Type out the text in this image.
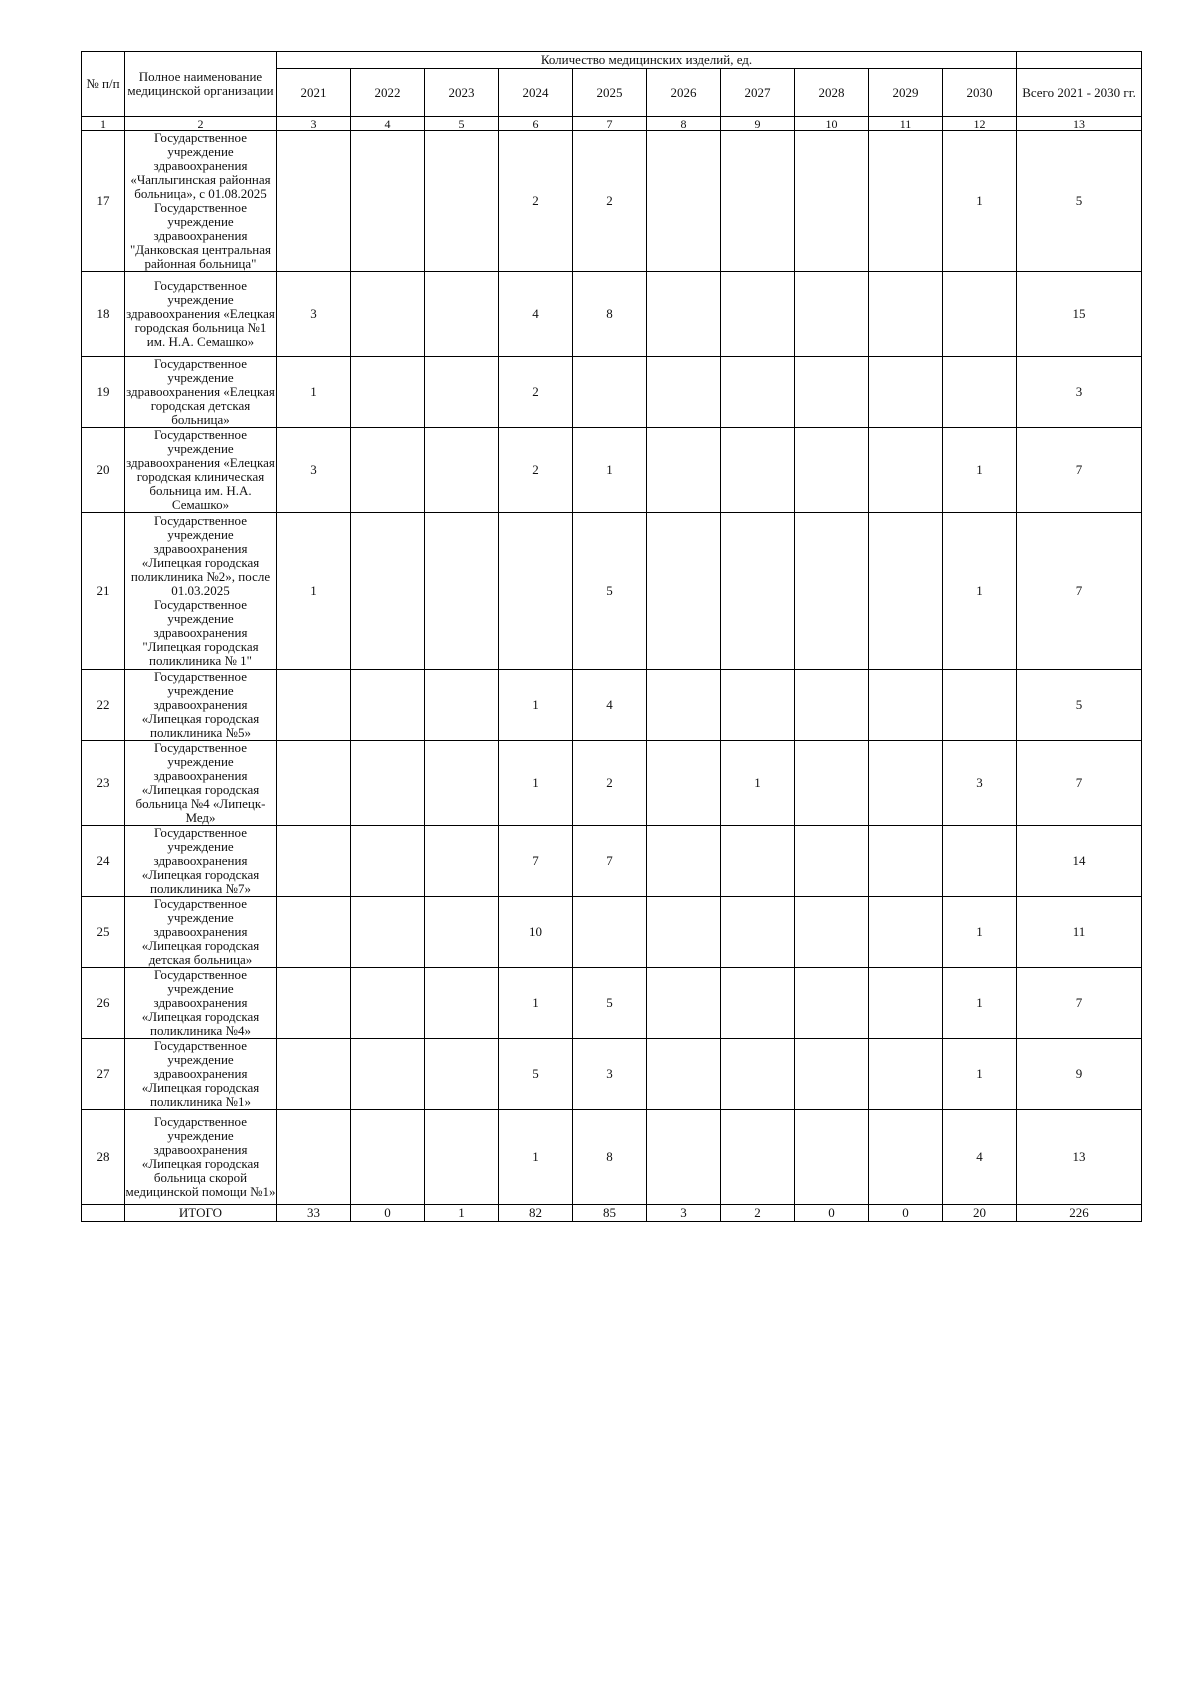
№ п/п	Полное наименование медицинской организации	Количество медицинских изделий, ед.										
		2021	2022	2023	2024	2025	2026	2027	2028	2029	2030	Всего 2021 - 2030 гг.
1	2	3	4	5	6	7	8	9	10	11	12	13
17	Государственное учреждение здравоохранения «Чаплыгинская районная больница», с 01.08.2025 Государственное учреждение здравоохранения "Данковская центральная районная больница"				2	2					1	5
18	Государственное учреждение здравоохранения «Елецкая городская больница №1 им. Н.А. Семашко»	3			4	8						15
19	Государственное учреждение здравоохранения «Елецкая городская детская больница»	1			2							3
20	Государственное учреждение здравоохранения «Елецкая городская клиническая больница им. Н.А. Семашко»	3			2	1					1	7
21	Государственное учреждение здравоохранения «Липецкая городская поликлиника №2», после 01.03.2025 Государственное учреждение здравоохранения "Липецкая городская поликлиника № 1"	1				5					1	7
22	Государственное учреждение здравоохранения «Липецкая городская поликлиника №5»				1	4						5
23	Государственное учреждение здравоохранения «Липецкая городская больница №4 «Липецк-Мед»				1	2		1			3	7
24	Государственное учреждение здравоохранения «Липецкая городская поликлиника №7»				7	7						14
25	Государственное учреждение здравоохранения «Липецкая городская детская больница»				10						1	11
26	Государственное учреждение здравоохранения «Липецкая городская поликлиника №4»				1	5					1	7
27	Государственное учреждение здравоохранения «Липецкая городская поликлиника №1»				5	3					1	9
28	Государственное учреждение здравоохранения «Липецкая городская больница скорой медицинской помощи №1»				1	8					4	13
	ИТОГО	33	0	1	82	85	3	2	0	0	20	226
